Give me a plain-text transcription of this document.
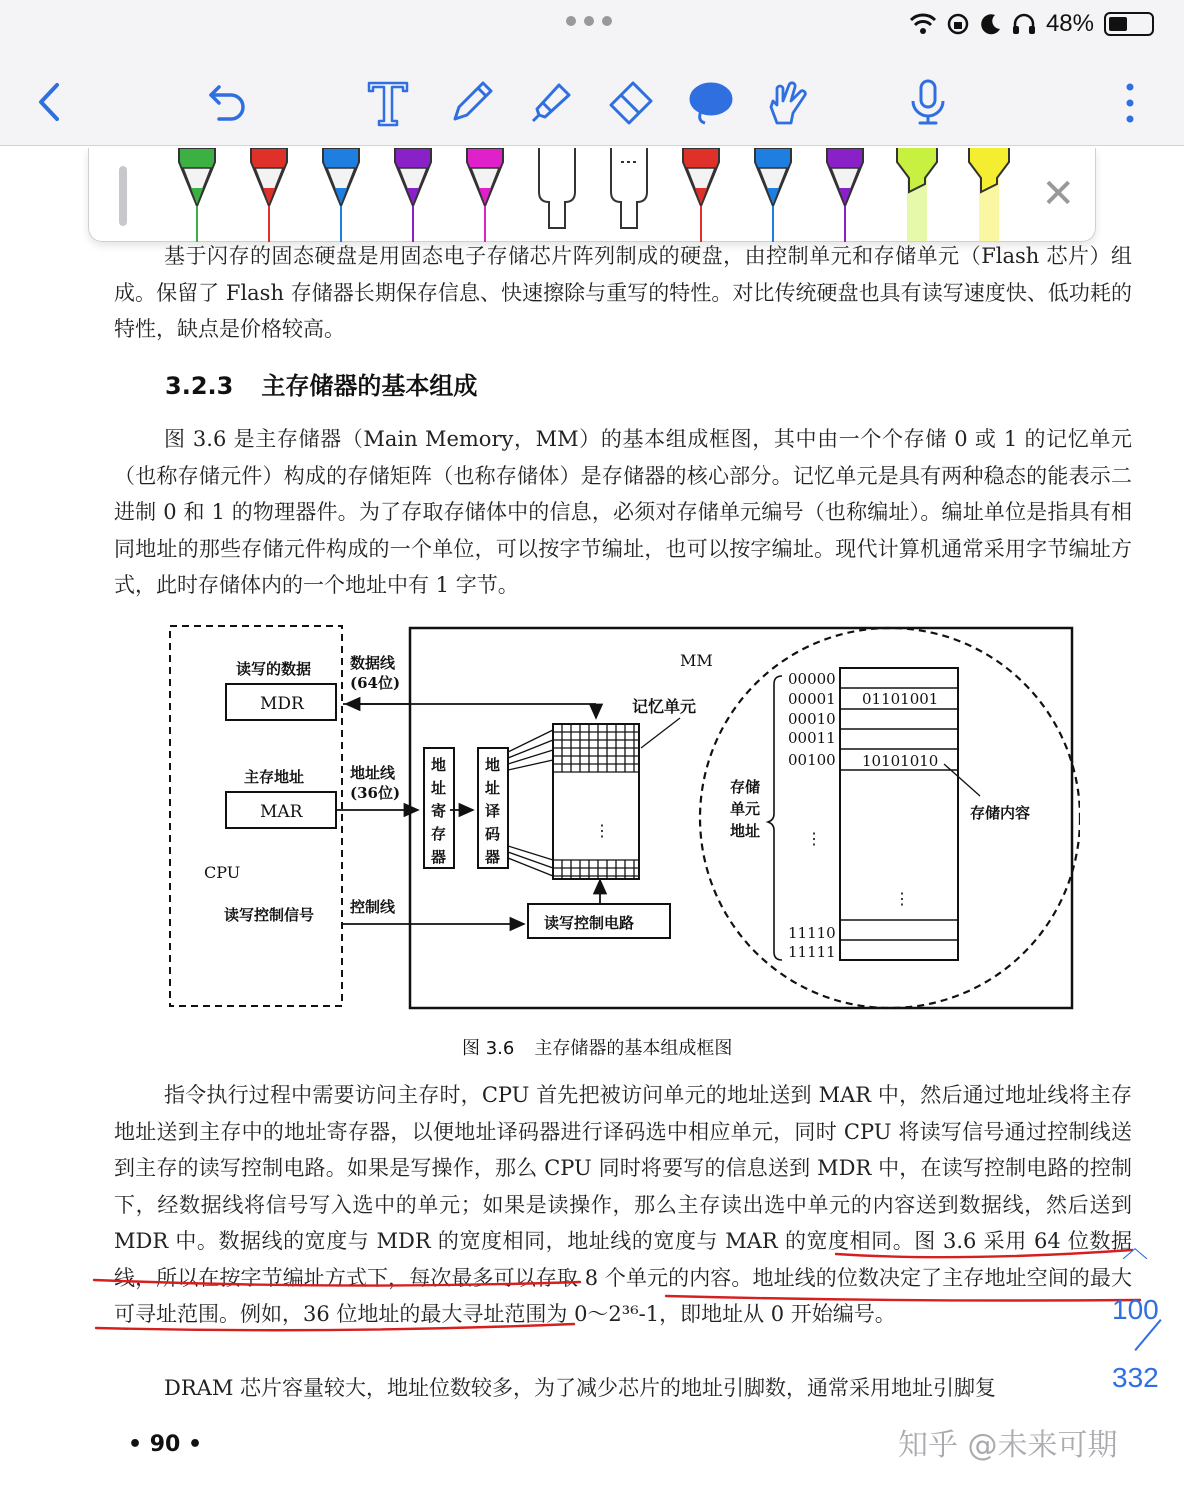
48%
基于闪存的固态硬盘是用固态电子存储芯片阵列制成的硬盘，由控制单元和存储单元（Flash 芯片）组成。保留了 Flash 存储器长期保存信息、快速擦除与重写的特性。对比传统硬盘也具有读写速度快、低功耗的特性，缺点是价格较高。
3.2.3 主存储器的基本组成
图 3.6 是主存储器（Main Memory，MM）的基本组成框图，其中由一个个存储 0 或 1 的记忆单元（也称存储元件）构成的存储矩阵（也称存储体）是存储器的核心部分。记忆单元是具有两种稳态的能表示二进制 0 和 1 的物理器件。为了存取存储体中的信息，必须对存储单元编号（也称编址）。编址单位是指具有相同地址的那些存储元件构成的一个单位，可以按字节编址，也可以按字编址。现代计算机通常采用字节编址方式，此时存储体内的一个地址中有 1 字节。
读写的数据
MDR
主存地址
MAR
CPU
读写控制信号
数据线
(64位)
地址线
(36位)
控制线
MM
记忆单元
地址寄存器
地址译码器
⋮
读写控制电路
00000 00001 00010 00011 00100 11110 11111
01101001
10101010
⋮
⋮
存储单元地址
存储内容
图 3.6 主存储器的基本组成框图
指令执行过程中需要访问主存时，CPU 首先把被访问单元的地址送到 MAR 中，然后通过地址线将主存地址送到主存中的地址寄存器，以便地址译码器进行译码选中相应单元，同时 CPU 将读写信号通过控制线送到主存的读写控制电路。如果是写操作，那么 CPU 同时将要写的信息送到 MDR 中，在读写控制电路的控制下，经数据线将信号写入选中的单元；如果是读操作，那么主存读出选中单元的内容送到数据线，然后送到 MDR 中。数据线的宽度与 MDR 的宽度相同，地址线的宽度与 MAR 的宽度相同。图 3.6 采用 64 位数据线，所以在按字节编址方式下，每次最多可以存取 8 个单元的内容。地址线的位数决定了主存地址空间的最大可寻址范围。例如，36 位地址的最大寻址范围为 0～2³⁶-1，即地址从 0 开始编号。
DRAM 芯片容量较大，地址位数较多，为了减少芯片的地址引脚数，通常采用地址引脚复
• 90 •	知乎 @未来可期
✕
︿
100
332
